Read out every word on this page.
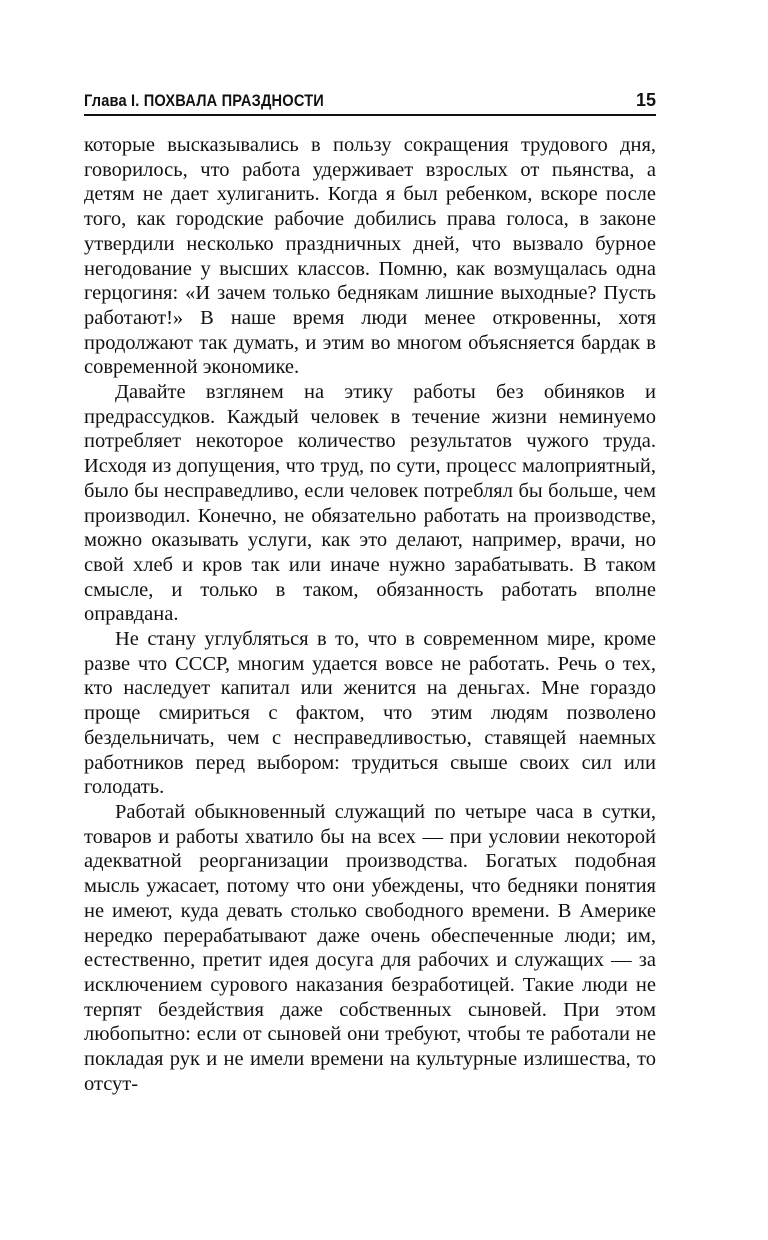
Глава I. ПОХВАЛА ПРАЗДНОСТИ	15

которые высказывались в пользу сокращения трудового дня, говорилось, что работа удерживает взрослых от пьянства, а детям не дает хулиганить. Когда я был ребенком, вскоре после того, как городские рабочие добились права голоса, в законе утвердили несколько праздничных дней, что вызвало бурное негодование у высших классов. Помню, как возмущалась одна герцогиня: «И зачем только беднякам лишние выходные? Пусть работают!» В наше время люди менее откровенны, хотя продолжают так думать, и этим во многом объясняется бардак в современной экономике.

Давайте взглянем на этику работы без обиняков и предрассудков. Каждый человек в течение жизни неминуемо потребляет некоторое количество результатов чужого труда. Исходя из допущения, что труд, по сути, процесс малоприятный, было бы несправедливо, если человек потреблял бы больше, чем производил. Конечно, не обязательно работать на производстве, можно оказывать услуги, как это делают, например, врачи, но свой хлеб и кров так или иначе нужно зарабатывать. В таком смысле, и только в таком, обязанность работать вполне оправдана.

Не стану углубляться в то, что в современном мире, кроме разве что СССР, многим удается вовсе не работать. Речь о тех, кто наследует капитал или женится на деньгах. Мне гораздо проще смириться с фактом, что этим людям позволено бездельничать, чем с несправедливостью, ставящей наемных работников перед выбором: трудиться свыше своих сил или голодать.

Работай обыкновенный служащий по четыре часа в сутки, товаров и работы хватило бы на всех — при условии некоторой адекватной реорганизации производства. Богатых подобная мысль ужасает, потому что они убеждены, что бедняки понятия не имеют, куда девать столько свободного времени. В Америке нередко перерабатывают даже очень обеспеченные люди; им, естественно, претит идея досуга для рабочих и служащих — за исключением сурового наказания безработицей. Такие люди не терпят бездействия даже собственных сыновей. При этом любопытно: если от сыновей они требуют, чтобы те работали не покладая рук и не имели времени на культурные излишества, то отсут-
